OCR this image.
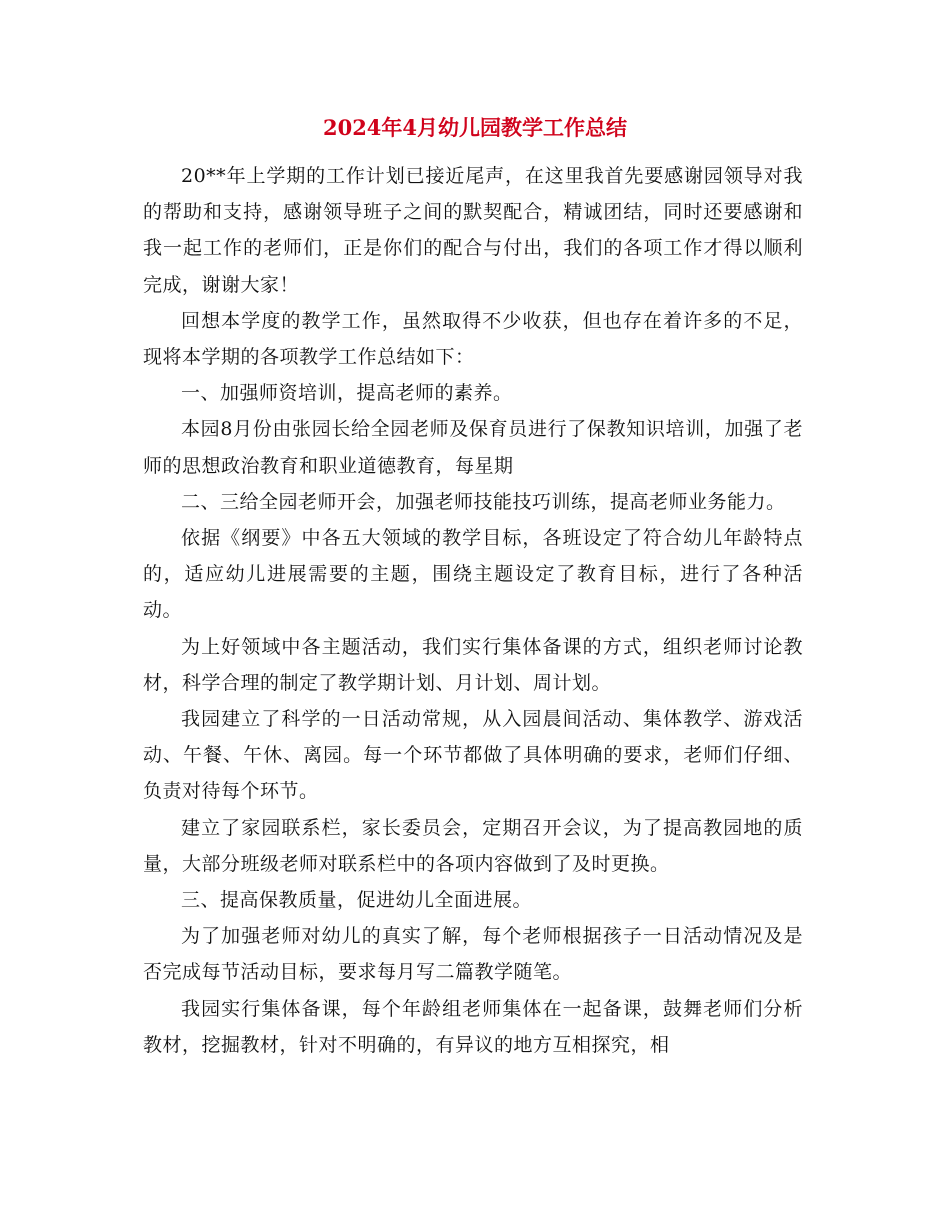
2024年4月幼儿园教学工作总结

20**年上学期的工作计划已接近尾声，在这里我首先要感谢园领导对我的帮助和支持，感谢领导班子之间的默契配合，精诚团结，同时还要感谢和我一起工作的老师们，正是你们的配合与付出，我们的各项工作才得以顺利完成，谢谢大家！

回想本学度的教学工作，虽然取得不少收获，但也存在着许多的不足，现将本学期的各项教学工作总结如下：

一、加强师资培训，提高老师的素养。

本园8月份由张园长给全园老师及保育员进行了保教知识培训，加强了老师的思想政治教育和职业道德教育，每星期

二、三给全园老师开会，加强老师技能技巧训练，提高老师业务能力。

依据《纲要》中各五大领域的教学目标，各班设定了符合幼儿年龄特点的，适应幼儿进展需要的主题，围绕主题设定了教育目标，进行了各种活动。

为上好领域中各主题活动，我们实行集体备课的方式，组织老师讨论教材，科学合理的制定了教学期计划、月计划、周计划。

我园建立了科学的一日活动常规，从入园晨间活动、集体教学、游戏活动、午餐、午休、离园。每一个环节都做了具体明确的要求，老师们仔细、负责对待每个环节。

建立了家园联系栏，家长委员会，定期召开会议，为了提高教园地的质量，大部分班级老师对联系栏中的各项内容做到了及时更换。

三、提高保教质量，促进幼儿全面进展。

为了加强老师对幼儿的真实了解，每个老师根据孩子一日活动情况及是否完成每节活动目标，要求每月写二篇教学随笔。

我园实行集体备课，每个年龄组老师集体在一起备课，鼓舞老师们分析教材，挖掘教材，针对不明确的，有异议的地方互相探究，相
